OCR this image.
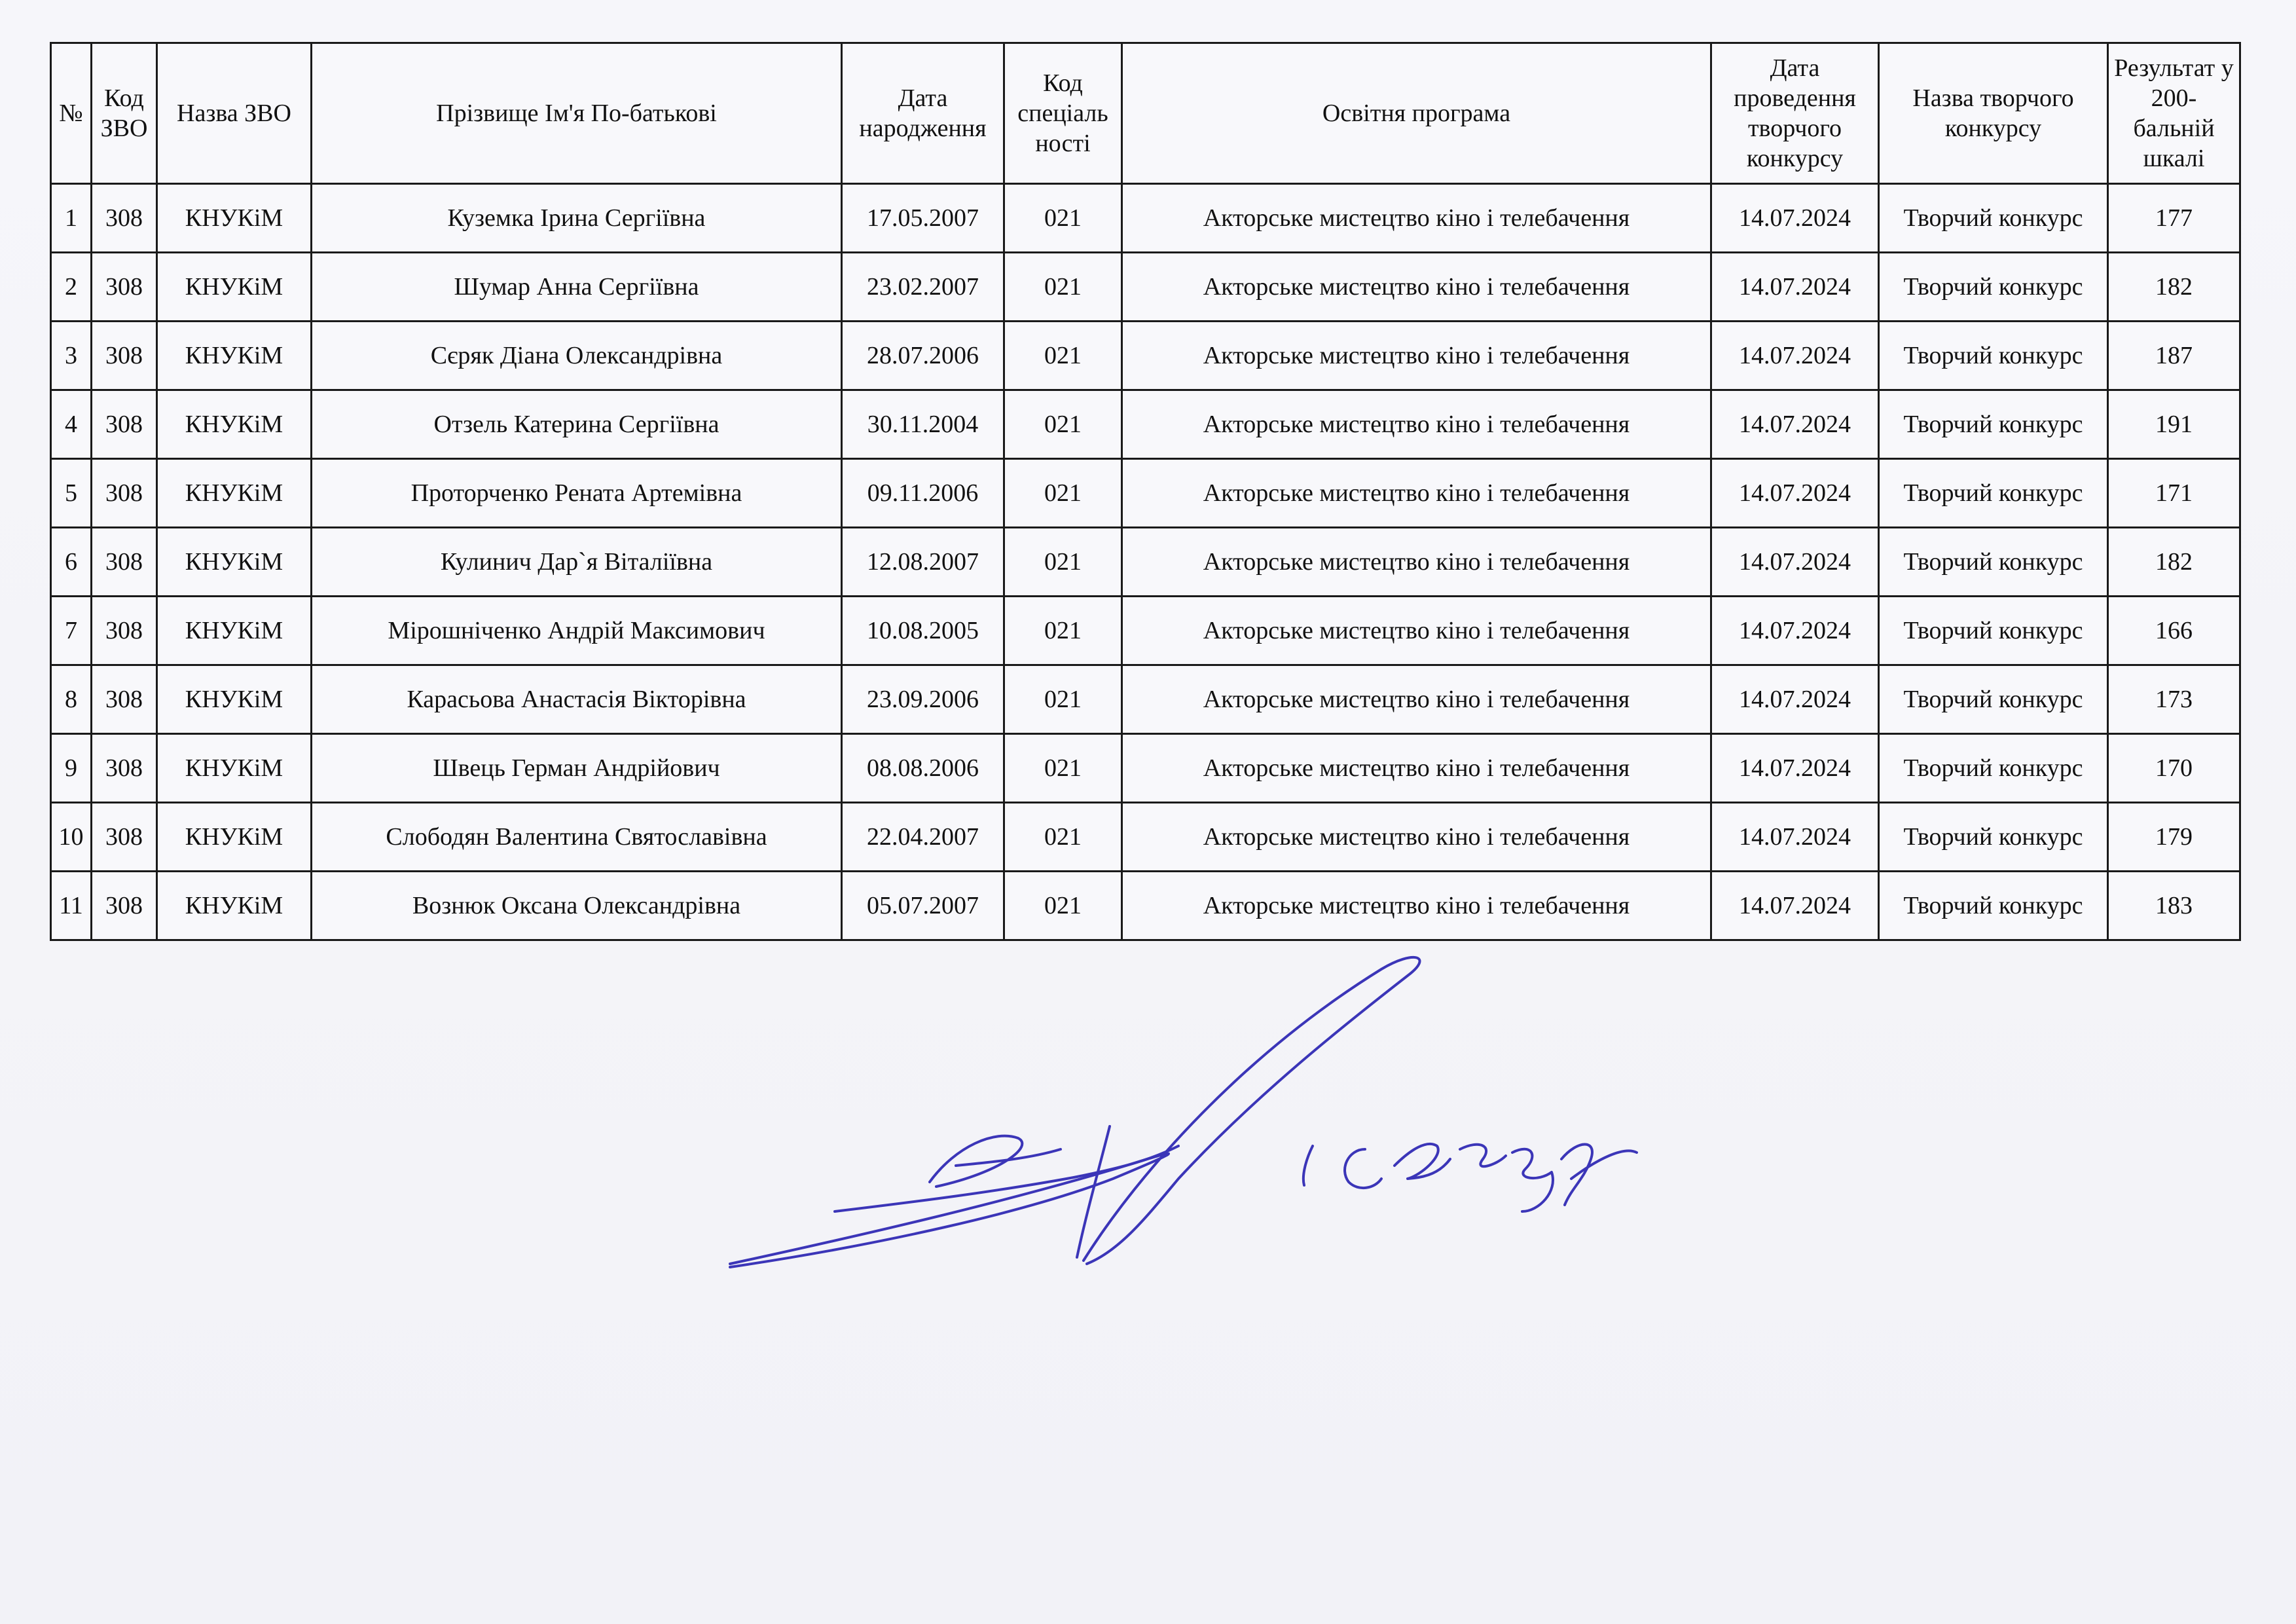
№	Код ЗВО	Назва ЗВО	Прізвище Ім'я По-батькові	Дата народження	Код спеціаль ності	Освітня програма	Дата проведення творчого конкурсу	Назва творчого конкурсу	Результат у 200-бальній шкалі
1	308	КНУКіМ	Куземка Ірина Сергіївна	17.05.2007	021	Акторське мистецтво кіно і телебачення	14.07.2024	Творчий конкурс	177
2	308	КНУКіМ	Шумар Анна Сергіївна	23.02.2007	021	Акторське мистецтво кіно і телебачення	14.07.2024	Творчий конкурс	182
3	308	КНУКіМ	Сєряк Діана Олександрівна	28.07.2006	021	Акторське мистецтво кіно і телебачення	14.07.2024	Творчий конкурс	187
4	308	КНУКіМ	Отзель Катерина Сергіївна	30.11.2004	021	Акторське мистецтво кіно і телебачення	14.07.2024	Творчий конкурс	191
5	308	КНУКіМ	Проторченко Рената Артемівна	09.11.2006	021	Акторське мистецтво кіно і телебачення	14.07.2024	Творчий конкурс	171
6	308	КНУКіМ	Кулинич Дар`я Віталіївна	12.08.2007	021	Акторське мистецтво кіно і телебачення	14.07.2024	Творчий конкурс	182
7	308	КНУКіМ	Мірошніченко Андрій Максимович	10.08.2005	021	Акторське мистецтво кіно і телебачення	14.07.2024	Творчий конкурс	166
8	308	КНУКіМ	Карасьова Анастасія Вікторівна	23.09.2006	021	Акторське мистецтво кіно і телебачення	14.07.2024	Творчий конкурс	173
9	308	КНУКіМ	Швець Герман Андрійович	08.08.2006	021	Акторське мистецтво кіно і телебачення	14.07.2024	Творчий конкурс	170
10	308	КНУКіМ	Слободян Валентина Святославівна	22.04.2007	021	Акторське мистецтво кіно і телебачення	14.07.2024	Творчий конкурс	179
11	308	КНУКіМ	Вознюк Оксана Олександрівна	05.07.2007	021	Акторське мистецтво кіно і телебачення	14.07.2024	Творчий конкурс	183
